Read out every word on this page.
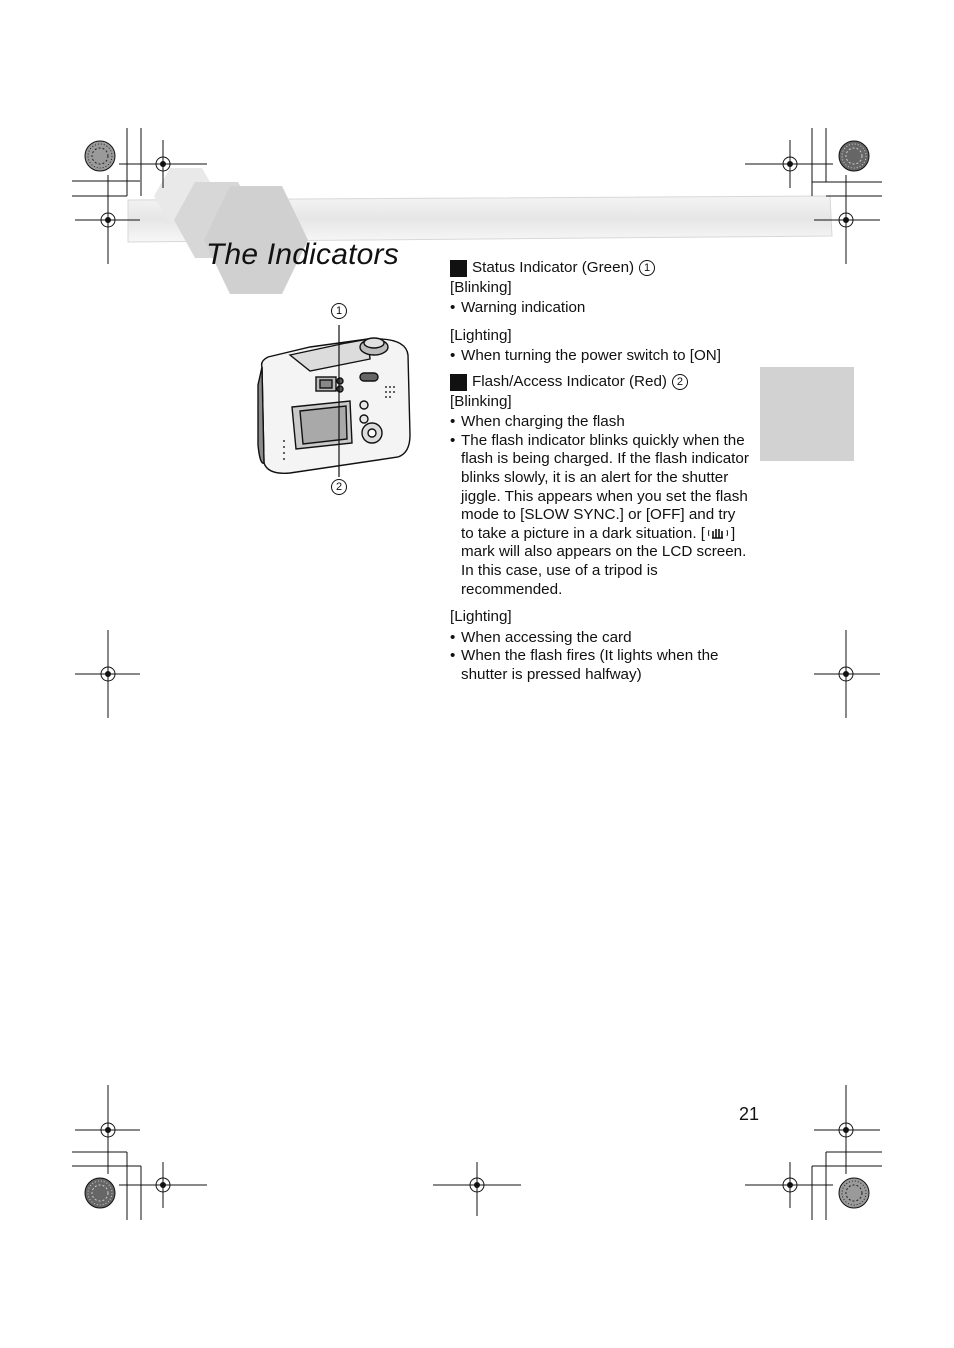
The Indicators
1
2
Status Indicator (Green) 1
[Blinking]
• Warning indication
[Lighting]
• When turning the power switch to [ON]
Flash/Access Indicator (Red) 2
[Blinking]
• When charging the flash
• The flash indicator blinks quickly when the flash is being charged. If the flash indicator blinks slowly, it is an alert for the shutter jiggle. This appears when you set the flash mode to [SLOW SYNC.] or [OFF] and try to take a picture in a dark situation. [ ] mark will also appears on the LCD screen. In this case, use of a tripod is recommended.
[Lighting]
• When accessing the card
• When the flash fires (It lights when the shutter is pressed halfway)
21
